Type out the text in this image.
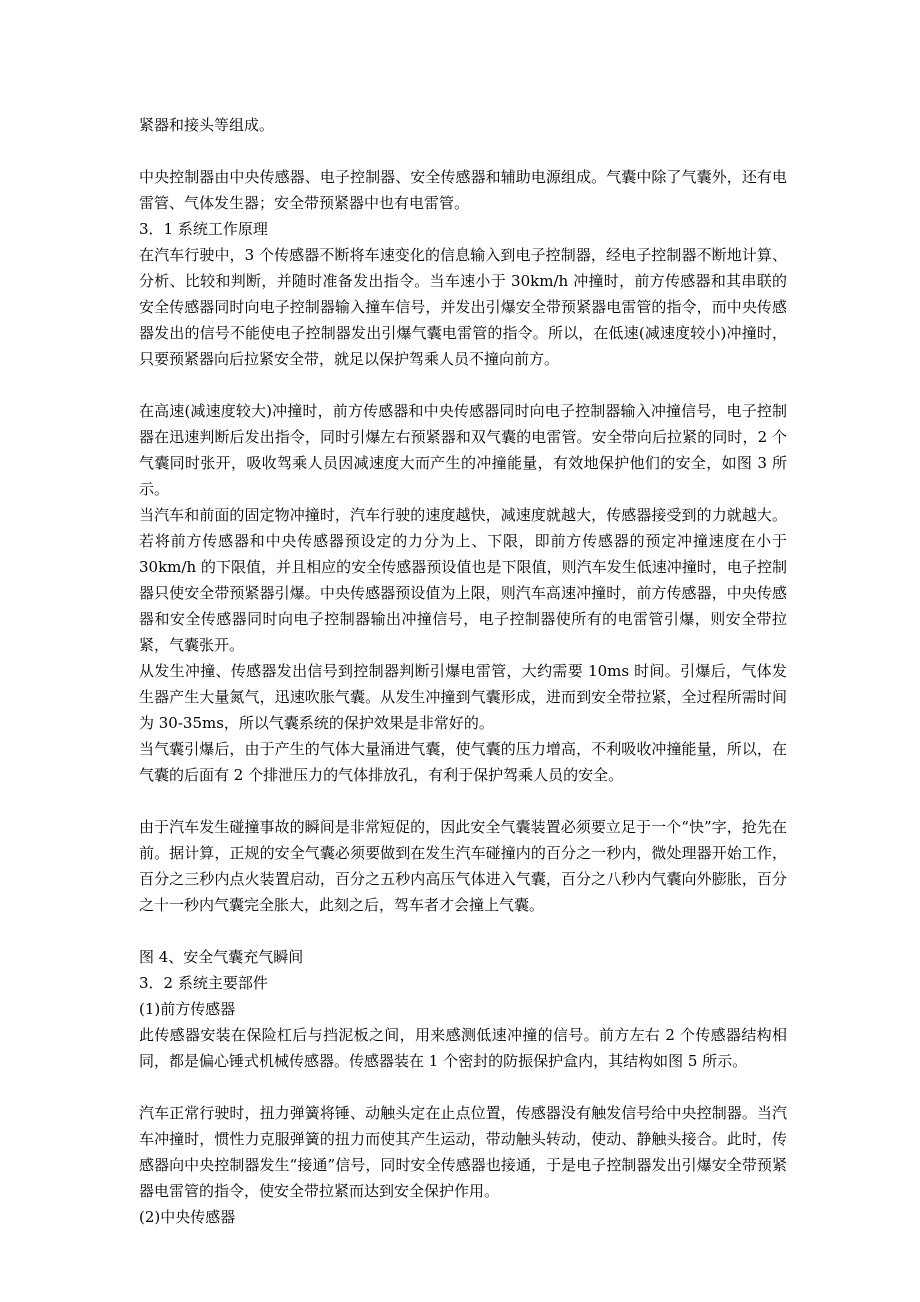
紧器和接头等组成。

中央控制器由中央传感器、电子控制器、安全传感器和辅助电源组成。气囊中除了气囊外，还有电雷管、气体发生器；安全带预紧器中也有电雷管。

3．1 系统工作原理

在汽车行驶中，3 个传感器不断将车速变化的信息输入到电子控制器，经电子控制器不断地计算、分析、比较和判断，并随时准备发出指令。当车速小于 30km/h 冲撞时，前方传感器和其串联的安全传感器同时向电子控制器输入撞车信号，并发出引爆安全带预紧器电雷管的指令，而中央传感器发出的信号不能使电子控制器发出引爆气囊电雷管的指令。所以，在低速(减速度较小)冲撞时，只要预紧器向后拉紧安全带，就足以保护驾乘人员不撞向前方。

在高速(减速度较大)冲撞时，前方传感器和中央传感器同时向电子控制器输入冲撞信号，电子控制器在迅速判断后发出指令，同时引爆左右预紧器和双气囊的电雷管。安全带向后拉紧的同时，2 个气囊同时张开，吸收驾乘人员因减速度大而产生的冲撞能量，有效地保护他们的安全，如图 3 所示。

当汽车和前面的固定物冲撞时，汽车行驶的速度越快，减速度就越大，传感器接受到的力就越大。若将前方传感器和中央传感器预设定的力分为上、下限，即前方传感器的预定冲撞速度在小于 30km/h 的下限值，并且相应的安全传感器预设值也是下限值，则汽车发生低速冲撞时，电子控制器只使安全带预紧器引爆。中央传感器预设值为上限，则汽车高速冲撞时，前方传感器，中央传感器和安全传感器同时向电子控制器输出冲撞信号，电子控制器使所有的电雷管引爆，则安全带拉紧，气囊张开。

从发生冲撞、传感器发出信号到控制器判断引爆电雷管，大约需要 10ms 时间。引爆后，气体发生器产生大量氮气，迅速吹胀气囊。从发生冲撞到气囊形成，进而到安全带拉紧，全过程所需时间为 30-35ms，所以气囊系统的保护效果是非常好的。

当气囊引爆后，由于产生的气体大量涌进气囊，使气囊的压力增高，不利吸收冲撞能量，所以，在气囊的后面有 2 个排泄压力的气体排放孔，有利于保护驾乘人员的安全。

由于汽车发生碰撞事故的瞬间是非常短促的，因此安全气囊装置必须要立足于一个“快”字，抢先在前。据计算，正规的安全气囊必须要做到在发生汽车碰撞内的百分之一秒内，微处理器开始工作，百分之三秒内点火装置启动，百分之五秒内高压气体进入气囊，百分之八秒内气囊向外膨胀，百分之十一秒内气囊完全胀大，此刻之后，驾车者才会撞上气囊。

图 4、安全气囊充气瞬间

3．2 系统主要部件

(1)前方传感器

此传感器安装在保险杠后与挡泥板之间，用来感测低速冲撞的信号。前方左右 2 个传感器结构相同，都是偏心锤式机械传感器。传感器装在 1 个密封的防振保护盒内，其结构如图 5 所示。

汽车正常行驶时，扭力弹簧将锤、动触头定在止点位置，传感器没有触发信号给中央控制器。当汽车冲撞时，惯性力克服弹簧的扭力而使其产生运动，带动触头转动，使动、静触头接合。此时，传感器向中央控制器发生“接通”信号，同时安全传感器也接通，于是电子控制器发出引爆安全带预紧器电雷管的指令，使安全带拉紧而达到安全保护作用。

(2)中央传感器
